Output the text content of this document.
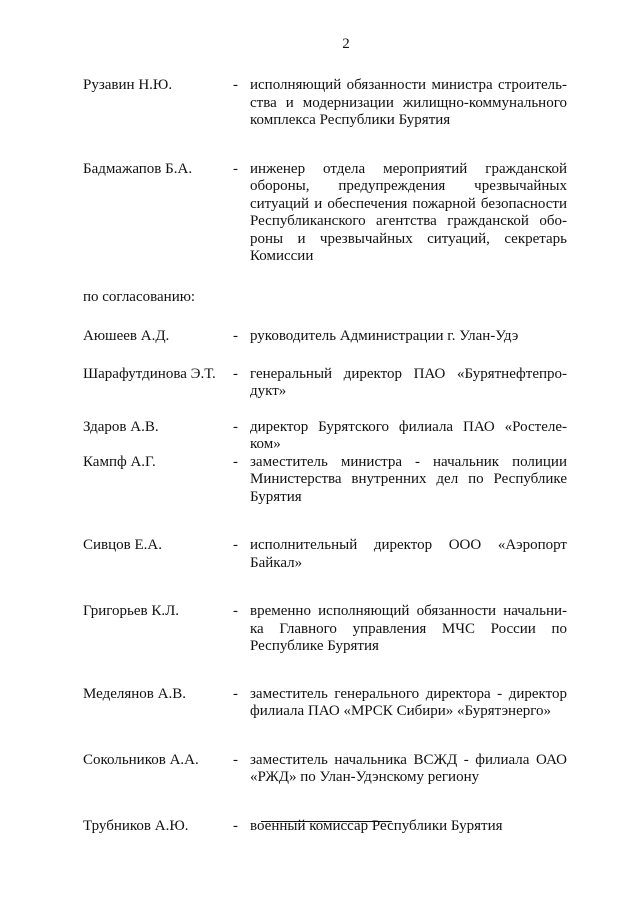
2
Рузавин Н.Ю.	- исполняющий обязанности министра строитель-ства и модернизации жилищно-коммунального комплекса Республики Бурятия
Бадмажапов Б.А.	- инженер отдела мероприятий гражданской обороны, предупреждения чрезвычайных ситуаций и обеспечения пожарной безопасности Республиканского агентства гражданской обо-роны и чрезвычайных ситуаций, секретарь Комиссии
по согласованию:
Аюшеев А.Д.	- руководитель Администрации г. Улан-Удэ
Шарафутдинова Э.Т.	- генеральный директор ПАО «Бурятнефтепро-дукт»
Здаров А.В.	- директор Бурятского филиала ПАО «Ростеле-ком»
Кампф А.Г.	- заместитель министра - начальник полиции Министерства внутренних дел по Республике Бурятия
Сивцов Е.А.	- исполнительный директор ООО «Аэропорт Байкал»
Григорьев К.Л.	- временно исполняющий обязанности начальни-ка Главного управления МЧС России по Республике Бурятия
Меделянов А.В.	- заместитель генерального директора - директор филиала ПАО «МРСК Сибири» «Бурятэнерго»
Сокольников А.А.	- заместитель начальника ВСЖД - филиала ОАО «РЖД» по Улан-Удэнскому региону
Трубников А.Ю.	- военный комиссар Республики Бурятия
